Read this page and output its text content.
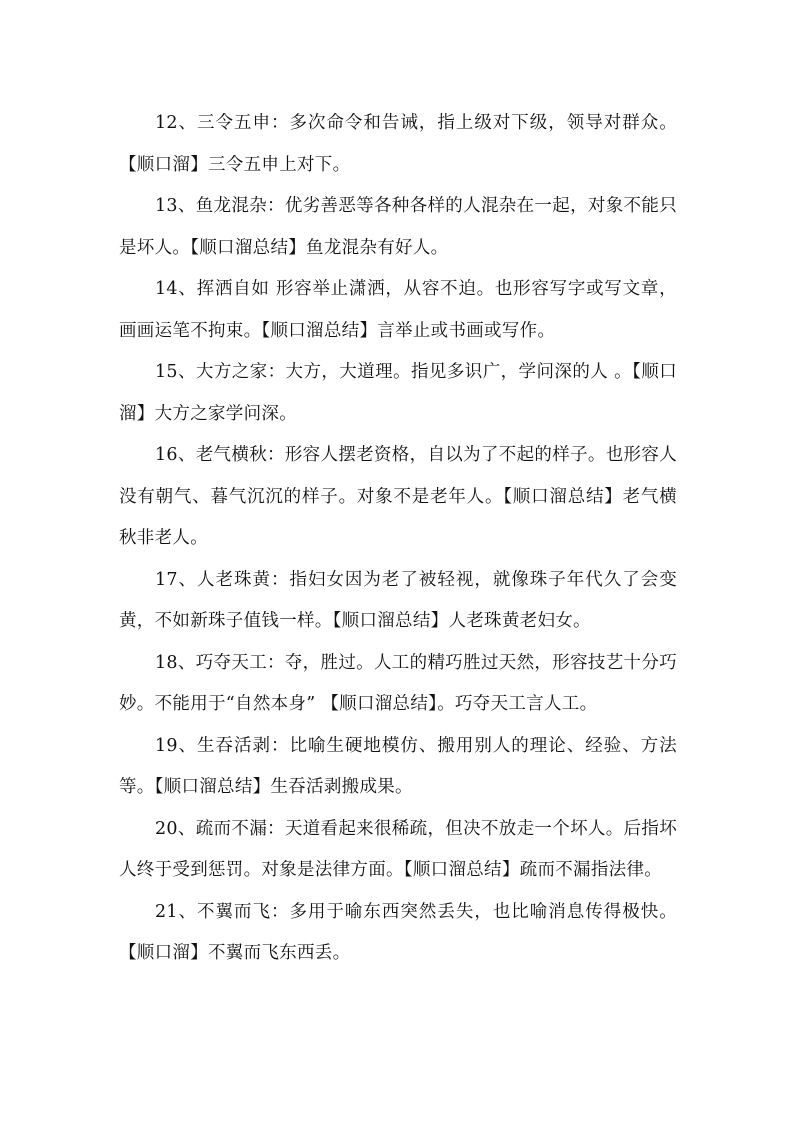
12、三令五申：多次命令和告诫，指上级对下级，领导对群众。【顺口溜】三令五申上对下。

13、鱼龙混杂：优劣善恶等各种各样的人混杂在一起，对象不能只是坏人。【顺口溜总结】鱼龙混杂有好人。

14、挥洒自如 形容举止潇洒，从容不迫。也形容写字或写文章，画画运笔不拘束。【顺口溜总结】言举止或书画或写作。

15、大方之家：大方，大道理。指见多识广，学问深的人 。【顺口溜】大方之家学问深。

16、老气横秋：形容人摆老资格，自以为了不起的样子。也形容人没有朝气、暮气沉沉的样子。对象不是老年人。【顺口溜总结】老气横秋非老人。

17、人老珠黄：指妇女因为老了被轻视，就像珠子年代久了会变黄，不如新珠子值钱一样。【顺口溜总结】人老珠黄老妇女。

18、巧夺天工：夺，胜过。人工的精巧胜过天然，形容技艺十分巧妙。不能用于“自然本身” 【顺口溜总结】。巧夺天工言人工。

19、生吞活剥：比喻生硬地模仿、搬用别人的理论、经验、方法等。【顺口溜总结】生吞活剥搬成果。

20、疏而不漏：天道看起来很稀疏，但决不放走一个坏人。后指坏人终于受到惩罚。对象是法律方面。【顺口溜总结】疏而不漏指法律。

21、不翼而飞：多用于喻东西突然丢失，也比喻消息传得极快。【顺口溜】不翼而飞东西丢。
